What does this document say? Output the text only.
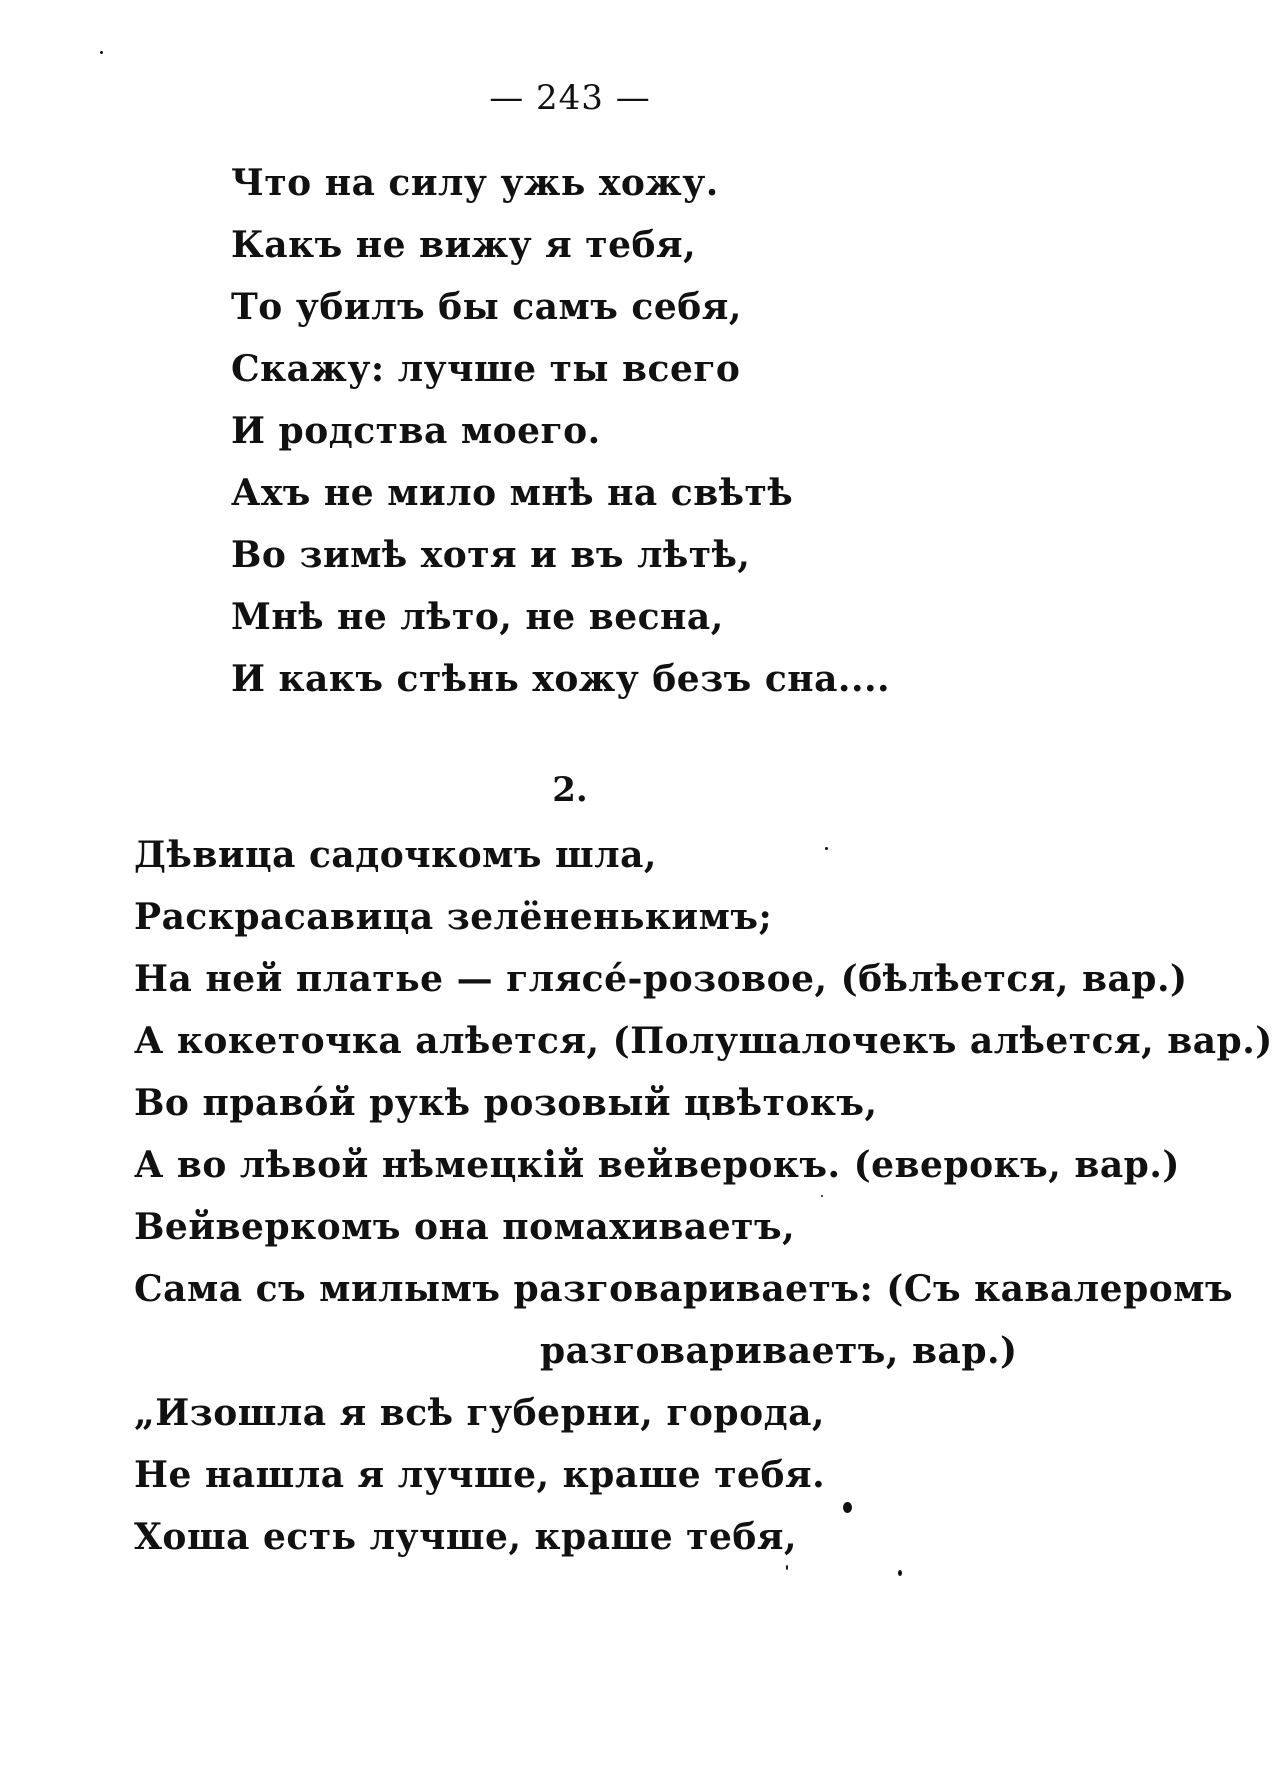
— 243 —
Что на силу ужь хожу.
Какъ не вижу я тебя,
То убилъ бы самъ себя,
Скажу: лучше ты всего
И родства моего.
Ахъ не мило мнѣ на свѣтѣ
Во зимѣ хотя и въ лѣтѣ,
Мнѣ не лѣто, не весна,
И какъ стѣнь хожу безъ сна....
2.
Дѣвица садочкомъ шла,
Раскрасавица зелёненькимъ;
На ней платье — глясé-розовое, (бѣлѣется, вар.)
А кокеточка алѣется, (Полушалочекъ алѣется, вар.)
Во правóй рукѣ розовый цвѣтокъ,
А во лѣвой нѣмецкій вейверокъ. (еверокъ, вар.)
Вейверкомъ она помахиваетъ,
Сама съ милымъ разговариваетъ: (Съ кавалеромъ
разговариваетъ, вар.)
„Изошла я всѣ губерни, города,
Не нашла я лучше, краше тебя.
Хоша есть лучше, краше тебя,
